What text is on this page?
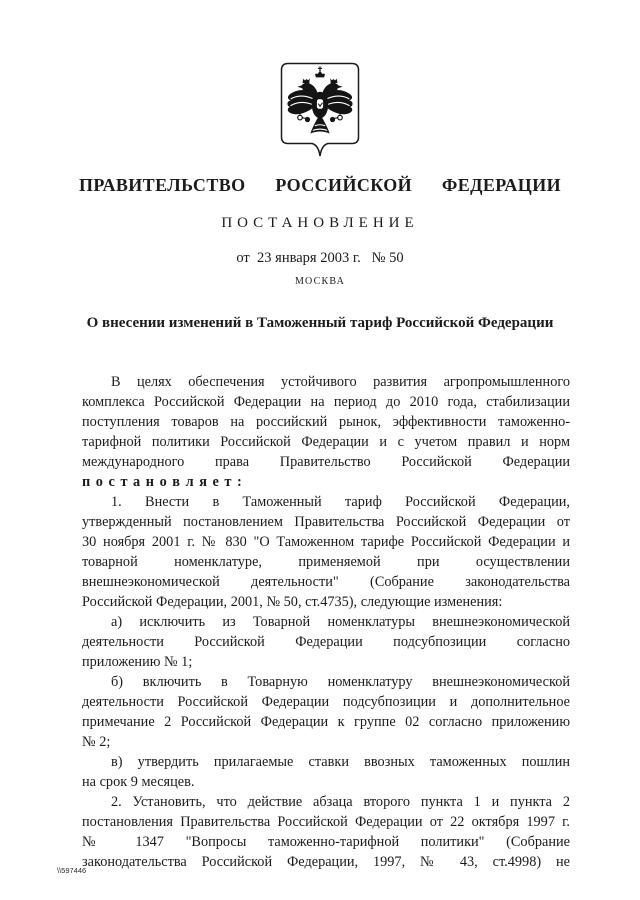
ПРАВИТЕЛЬСТВО  РОССИЙСКОЙ  ФЕДЕРАЦИИ
ПОСТАНОВЛЕНИЕ
от  23 января 2003 г.   № 50
МОСКВА
О внесении изменений в Таможенный тариф Российской Федерации
В целях обеспечения устойчивого развития агропромышленного
комплекса Российской Федерации на период до 2010 года, стабилизации
поступления товаров на российский рынок, эффективности таможенно-
тарифной политики Российской Федерации и с учетом правил и норм
международного права Правительство Российской Федерации
п о с т а н о в л я е т :
1. Внести в Таможенный тариф Российской Федерации,
утвержденный постановлением Правительства Российской Федерации от
30 ноября 2001 г. № 830 "О Таможенном тарифе Российской Федерации и
товарной номенклатуре, применяемой при осуществлении
внешнеэкономической деятельности" (Собрание законодательства
Российской Федерации, 2001, № 50, ст.4735), следующие изменения:
а) исключить из Товарной номенклатуры внешнеэкономической
деятельности Российской Федерации подсубпозиции согласно
приложению № 1;
б) включить в Товарную номенклатуру внешнеэкономической
деятельности Российской Федерации подсубпозиции и дополнительное
примечание 2 Российской Федерации к группе 02 согласно приложению
№ 2;
в) утвердить прилагаемые ставки ввозных таможенных пошлин
на срок 9 месяцев.
2. Установить, что действие абзаца второго пункта 1 и пункта 2
постановления Правительства Российской Федерации от 22 октября 1997 г.
№ 1347 "Вопросы таможенно-тарифной политики" (Собрание
законодательства Российской Федерации, 1997, № 43, ст.4998) не
\\597446
